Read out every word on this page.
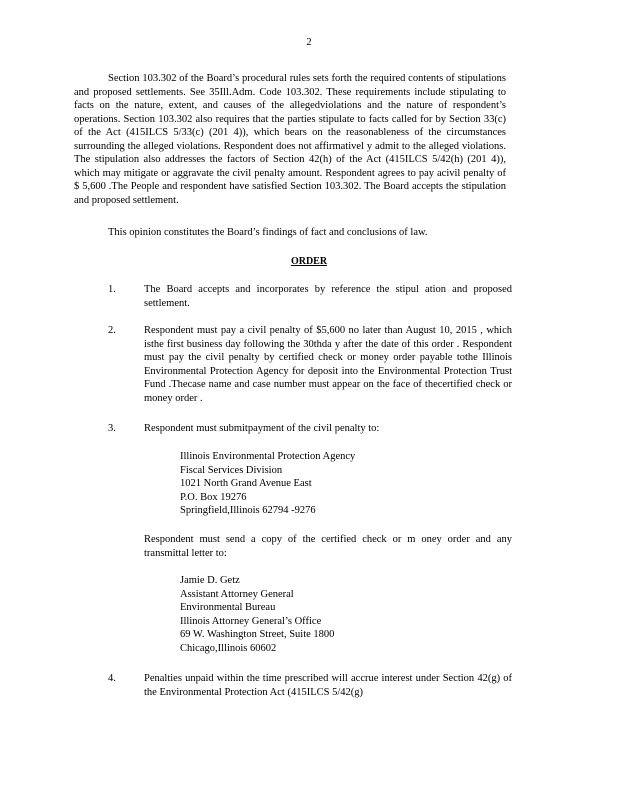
2

Section 103.302 of the Board’s procedural rules sets forth the required contents of stipulations and proposed settlements. See 35Ill.Adm. Code 103.302. These requirements include stipulating to facts on the nature, extent, and causes of the allegedviolations and the nature of respondent’s operations. Section 103.302 also requires that the parties stipulate to facts called for by Section 33(c) of the Act (415ILCS 5/33(c) (201 4)), which bears on the reasonableness of the circumstances surrounding the alleged violations. Respondent does not affirmativel y admit to the alleged violations. The stipulation also addresses the factors of Section 42(h) of the Act (415ILCS 5/42(h) (201 4)), which may mitigate or aggravate the civil penalty amount. Respondent agrees to pay acivil penalty of $ 5,600 .The People and respondent have satisfied Section 103.302. The Board accepts the stipulation and proposed settlement.

This opinion constitutes the Board’s findings of fact and conclusions of law.

ORDER
1.	The Board accepts and incorporates by reference the stipul ation and proposed settlement.

2.	Respondent must pay a civil penalty of $5,600 no later than August 10, 2015 , which isthe first business day following the 30thda y after the date of this order . Respondent must pay the civil penalty by certified check or money order payable tothe Illinois Environmental Protection Agency for deposit into the Environmental Protection Trust Fund .Thecase name and case number must appear on the face of thecertified check or money order .

3.	Respondent must submitpayment of the civil penalty to:

Illinois Environmental Protection Agency
Fiscal Services Division
1021 North Grand Avenue East
P.O. Box 19276
Springfield,Illinois 62794 -9276

Respondent must send a copy of the certified check or m oney order and any transmittal letter to:

Jamie D. Getz
Assistant Attorney General
Environmental Bureau
Illinois Attorney General’s Office
69 W. Washington Street, Suite 1800
Chicago,Illinois 60602
4.	Penalties unpaid within the time prescribed will accrue interest under Section 42(g) of the Environmental Protection Act (415ILCS 5/42(g)
